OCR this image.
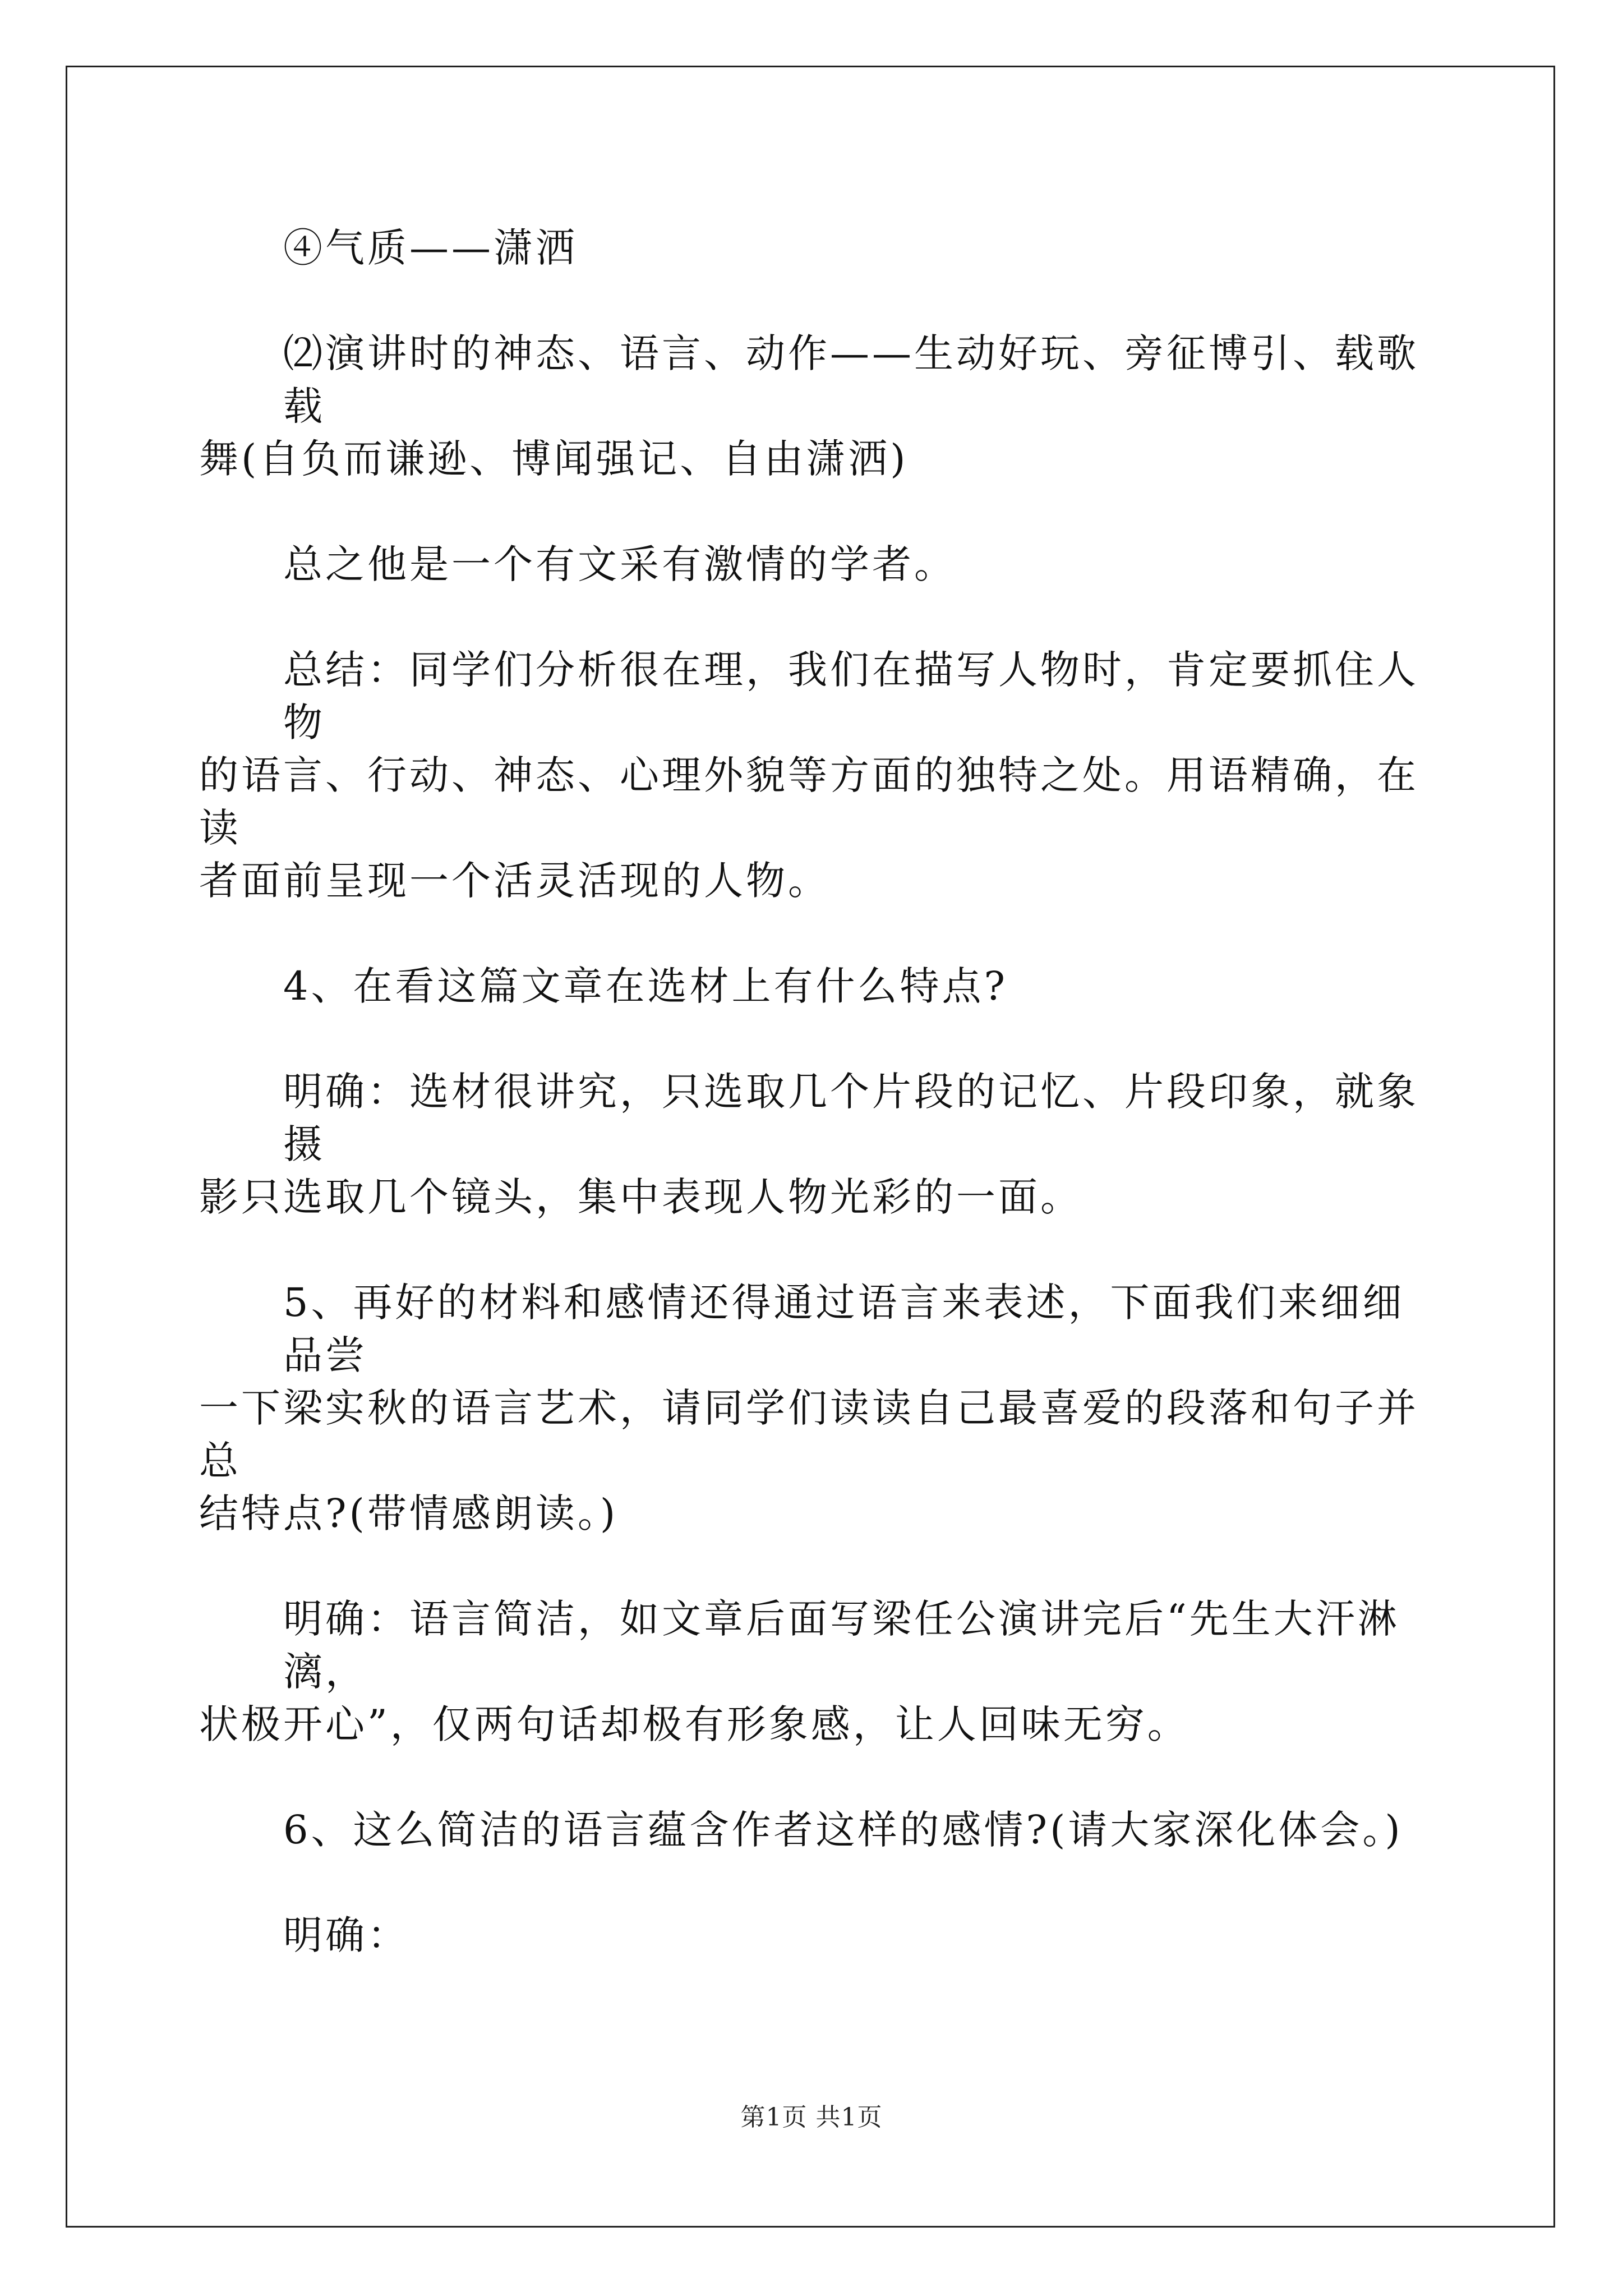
④气质——潇洒
⑵演讲时的神态、语言、动作——生动好玩、旁征博引、载歌载
舞(自负而谦逊、博闻强记、自由潇洒)
总之他是一个有文采有激情的学者。
总结：同学们分析很在理，我们在描写人物时，肯定要抓住人物
的语言、行动、神态、心理外貌等方面的独特之处。用语精确，在读
者面前呈现一个活灵活现的人物。
4、在看这篇文章在选材上有什么特点?
明确：选材很讲究，只选取几个片段的记忆、片段印象，就象摄
影只选取几个镜头，集中表现人物光彩的一面。
5、再好的材料和感情还得通过语言来表述，下面我们来细细品尝
一下梁实秋的语言艺术，请同学们读读自己最喜爱的段落和句子并总
结特点?(带情感朗读。)
明确：语言简洁，如文章后面写梁任公演讲完后“先生大汗淋漓，
状极开心”，仅两句话却极有形象感，让人回味无穷。
6、这么简洁的语言蕴含作者这样的感情?(请大家深化体会。)
明确：
第1页 共1页
